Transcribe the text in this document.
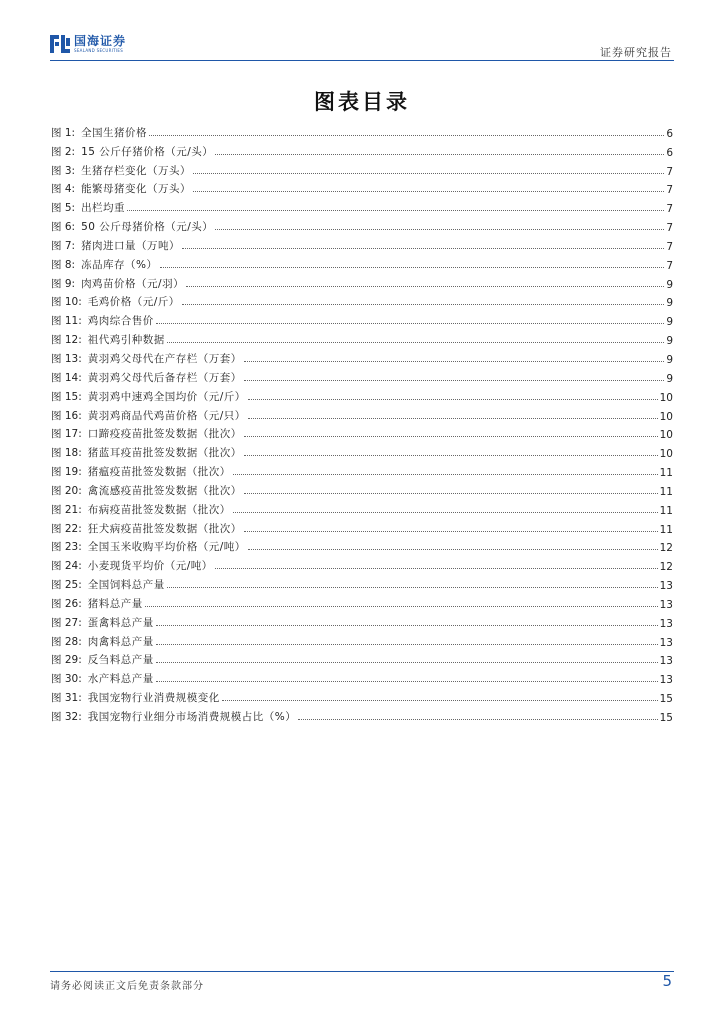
国海证券
SEALAND SECURITIES	证券研究报告
图表目录
图 1: 全国生猪价格	6
图 2: 15 公斤仔猪价格（元/头）	6
图 3: 生猪存栏变化（万头）	7
图 4: 能繁母猪变化（万头）	7
图 5: 出栏均重	7
图 6: 50 公斤母猪价格（元/头）	7
图 7: 猪肉进口量（万吨）	7
图 8: 冻品库存（%）	7
图 9: 肉鸡苗价格（元/羽）	9
图 10: 毛鸡价格（元/斤）	9
图 11: 鸡肉综合售价	9
图 12: 祖代鸡引种数据	9
图 13: 黄羽鸡父母代在产存栏（万套）	9
图 14: 黄羽鸡父母代后备存栏（万套）	9
图 15: 黄羽鸡中速鸡全国均价（元/斤）	10
图 16: 黄羽鸡商品代鸡苗价格（元/只）	10
图 17: 口蹄疫疫苗批签发数据（批次）	10
图 18: 猪蓝耳疫苗批签发数据（批次）	10
图 19: 猪瘟疫苗批签发数据（批次）	11
图 20: 禽流感疫苗批签发数据（批次）	11
图 21: 布病疫苗批签发数据（批次）	11
图 22: 狂犬病疫苗批签发数据（批次）	11
图 23: 全国玉米收购平均价格（元/吨）	12
图 24: 小麦现货平均价（元/吨）	12
图 25: 全国饲料总产量	13
图 26: 猪料总产量	13
图 27: 蛋禽料总产量	13
图 28: 肉禽料总产量	13
图 29: 反刍料总产量	13
图 30: 水产料总产量	13
图 31: 我国宠物行业消费规模变化	15
图 32: 我国宠物行业细分市场消费规模占比（%）	15
请务必阅读正文后免责条款部分	5
